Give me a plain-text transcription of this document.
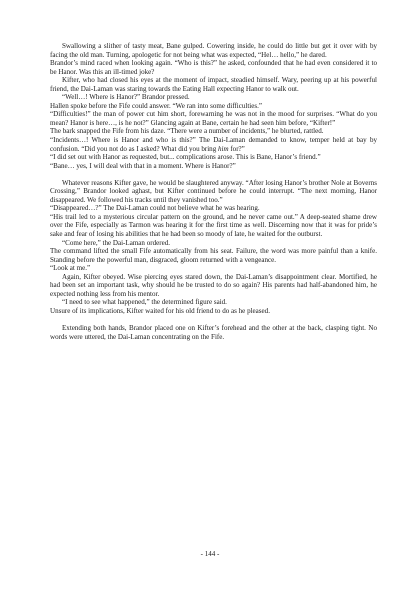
Swallowing a slither of tasty meat, Bane gulped. Cowering inside, he could do little but get it over with by facing the old man. Turning, apologetic for not being what was expected, “Hel… hello,” he dared.

Brandor’s mind raced when looking again. “Who is this?” he asked, confounded that he had even considered it to be Hanor. Was this an ill-timed joke?

Kifter, who had closed his eyes at the moment of impact, steadied himself. Wary, peering up at his powerful friend, the Dai-Laman was staring towards the Eating Hall expecting Hanor to walk out.

“Well…! Where is Hanor?” Brandor pressed.

Hallen spoke before the Fife could answer. “We ran into some difficulties.”

“Difficulties!” the man of power cut him short, forewarning he was not in the mood for surprises. “What do you mean? Hanor is here…, is he not?” Glancing again at Bane, certain he had seen him before, “Kifter!”

The bark snapped the Fife from his daze. “There were a number of incidents,” he blurted, rattled.

“Incidents…! Where is Hanor and who is this?” The Dai-Laman demanded to know, temper held at bay by confusion. “Did you not do as I asked? What did you bring him for?”

“I did set out with Hanor as requested, but... complications arose. This is Bane, Hanor’s friend.”

“Bane… yes, I will deal with that in a moment. Where is Hanor?”

Whatever reasons Kifter gave, he would be slaughtered anyway. “After losing Hanor’s brother Nole at Boverns Crossing,” Brandor looked aghast, but Kifter continued before he could interrupt. “The next morning, Hanor disappeared. We followed his tracks until they vanished too.”

“Disappeared…?” The Dai-Laman could not believe what he was hearing.

“His trail led to a mysterious circular pattern on the ground, and he never came out.” A deep-seated shame drew over the Fife, especially as Tarmon was hearing it for the first time as well. Discerning now that it was for pride’s sake and fear of losing his abilities that he had been so moody of late, he waited for the outburst.

“Come here,” the Dai-Laman ordered.

The command lifted the small Fife automatically from his seat. Failure, the word was more painful than a knife. Standing before the powerful man, disgraced, gloom returned with a vengeance.

“Look at me.”

Again, Kifter obeyed. Wise piercing eyes stared down, the Dai-Laman’s disappointment clear. Mortified, he had been set an important task, why should he be trusted to do so again? His parents had half-abandoned him, he expected nothing less from his mentor.

“I need to see what happened,” the determined figure said.

Unsure of its implications, Kifter waited for his old friend to do as he pleased.

Extending both hands, Brandor placed one on Kifter’s forehead and the other at the back, clasping tight. No words were uttered, the Dai-Laman concentrating on the Fife.

- 144 -
